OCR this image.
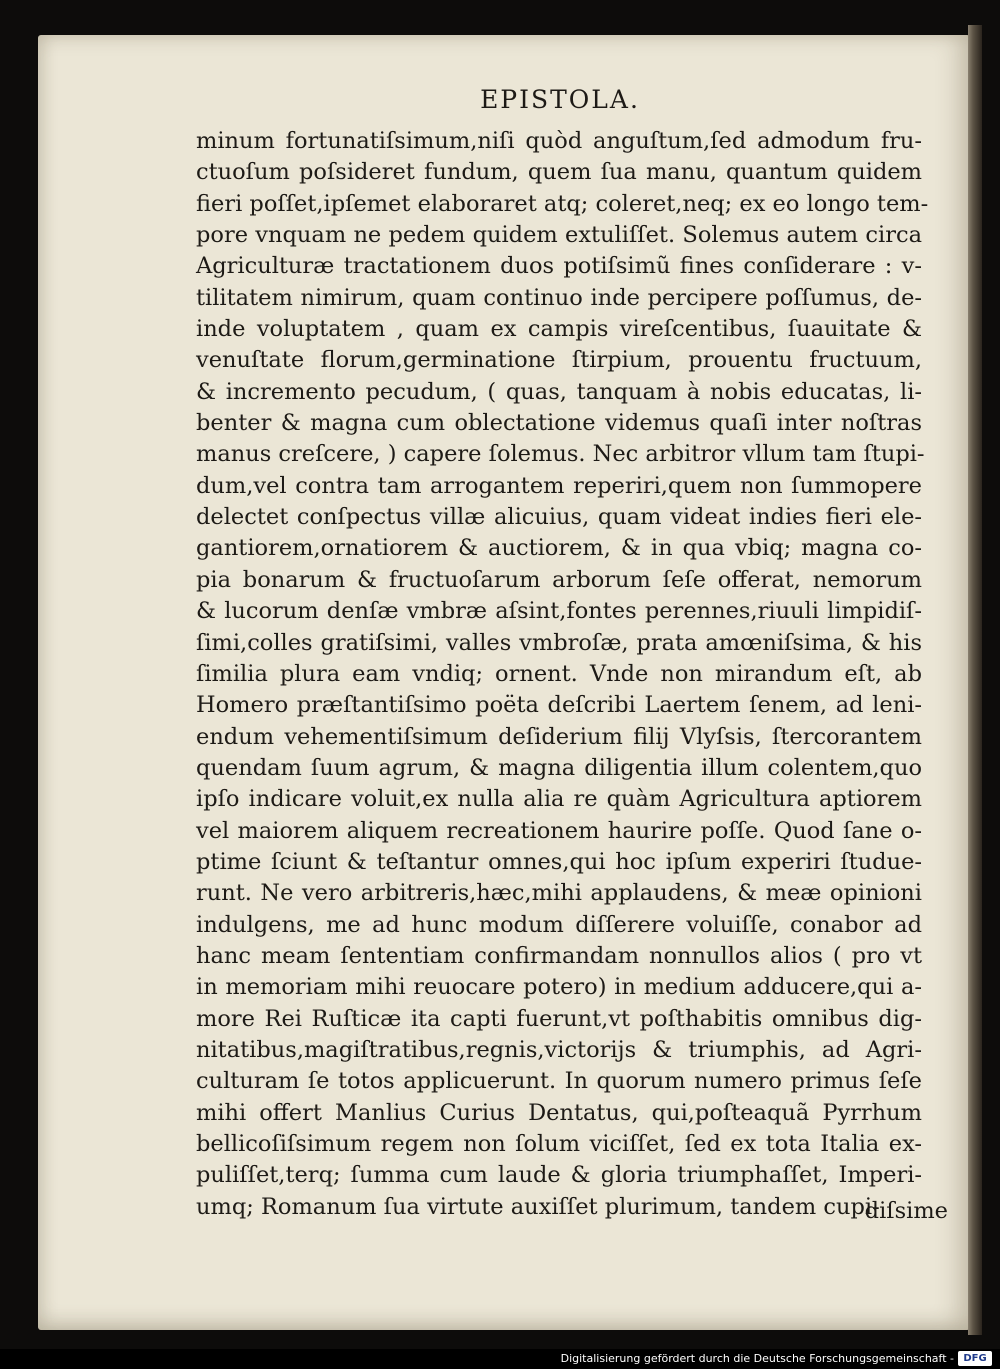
EPISTOLA.
minum fortunatiſsimum,niſi quòd anguſtum,ſed admodum fru-
ctuoſum poſsideret fundum, quem ſua manu, quantum quidem
fieri poſſet,ipſemet elaboraret atq; coleret,neq; ex eo longo tem-
pore vnquam ne pedem quidem extuliſſet. Solemus autem circa
Agriculturæ tractationem duos potiſsimũ fines conſiderare : v-
tilitatem nimirum, quam continuo inde percipere poſſumus, de-
inde voluptatem , quam ex campis vireſcentibus, ſuauitate &
venuſtate florum,germinatione ſtirpium, prouentu fructuum,
& incremento pecudum, ( quas, tanquam à nobis educatas, li-
benter & magna cum oblectatione videmus quaſi inter noſtras
manus creſcere, ) capere ſolemus. Nec arbitror vllum tam ſtupi-
dum,vel contra tam arrogantem reperiri,quem non ſummopere
delectet conſpectus villæ alicuius, quam videat indies fieri ele-
gantiorem,ornatiorem & auctiorem, & in qua vbiq; magna co-
pia bonarum & fructuoſarum arborum ſeſe offerat, nemorum
& lucorum denſæ vmbræ aſsint,fontes perennes,riuuli limpidiſ-
ſimi,colles gratiſsimi, valles vmbroſæ, prata amœniſsima, & his
ſimilia plura eam vndiq; ornent. Vnde non mirandum eſt, ab
Homero præſtantiſsimo poëta deſcribi Laertem ſenem, ad leni-
endum vehementiſsimum deſiderium filij Vlyſsis, ſtercorantem
quendam ſuum agrum, & magna diligentia illum colentem,quo
ipſo indicare voluit,ex nulla alia re quàm Agricultura aptiorem
vel maiorem aliquem recreationem haurire poſſe. Quod ſane o-
ptime ſciunt & teſtantur omnes,qui hoc ipſum experiri ſtudue-
runt. Ne vero arbitreris,hæc,mihi applaudens, & meæ opinioni
indulgens, me ad hunc modum diſſerere voluiſſe, conabor ad
hanc meam ſententiam confirmandam nonnullos alios ( pro vt
in memoriam mihi reuocare potero) in medium adducere,qui a-
more Rei Ruſticæ ita capti fuerunt,vt poſthabitis omnibus dig-
nitatibus,magiſtratibus,regnis,victorijs & triumphis, ad Agri-
culturam ſe totos applicuerunt. In quorum numero primus ſeſe
mihi offert Manlius Curius Dentatus, qui,poſteaquã Pyrrhum
bellicoſiſsimum regem non ſolum viciſſet, ſed ex tota Italia ex-
puliſſet,terq; ſumma cum laude & gloria triumphaſſet, Imperi-
umq; Romanum ſua virtute auxiſſet plurimum, tandem cupi-
diſsime
Digitalisierung gefördert durch die Deutsche Forschungsgemeinschaft - DFG
